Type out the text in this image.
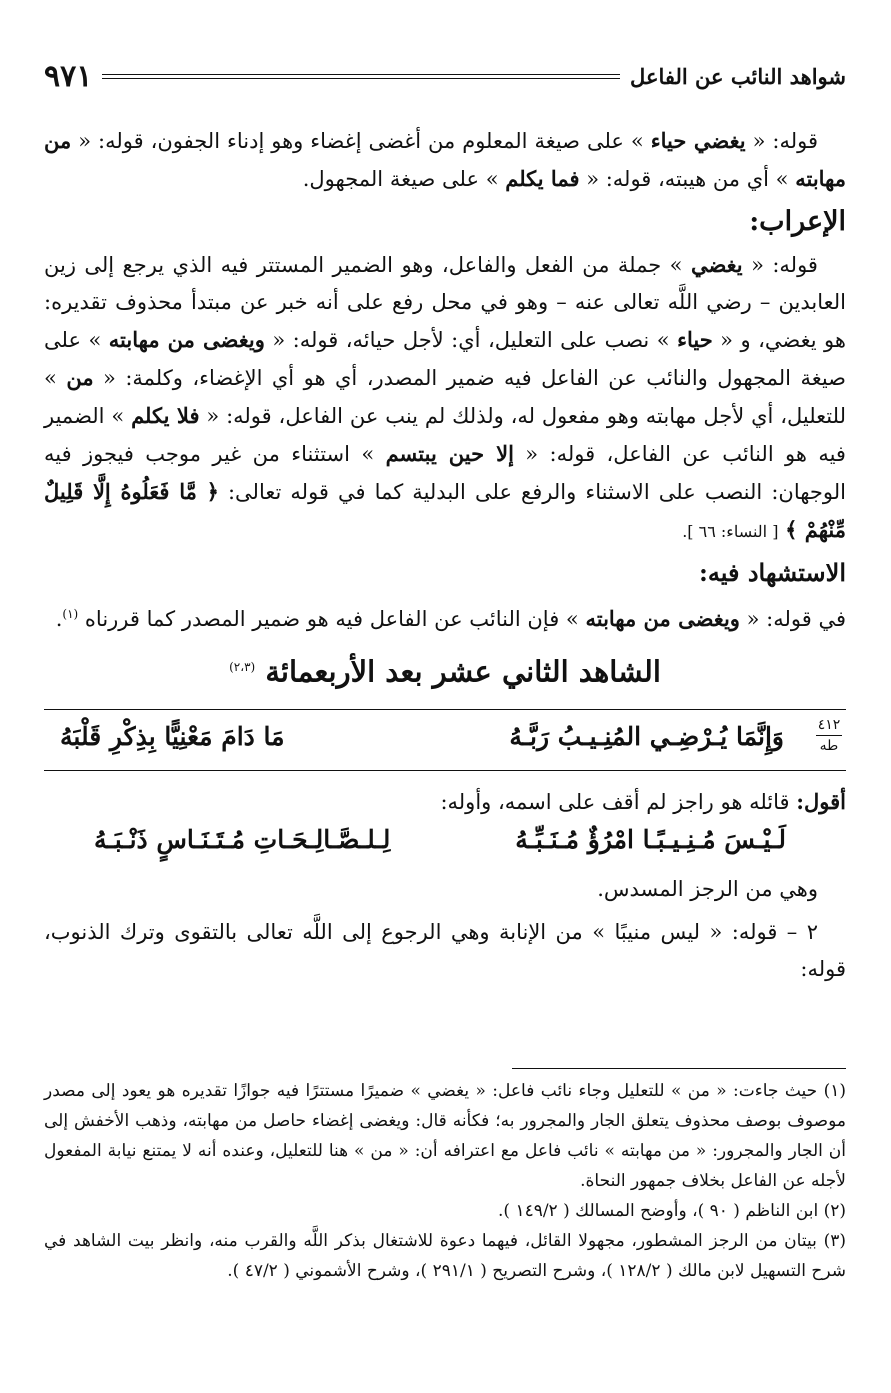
شواهد النائب عن الفاعل
٩٧١

قوله: « يغضي حياء » على صيغة المعلوم من أغضى إغضاء وهو إدناء الجفون، قوله: « من مهابته » أي من هيبته، قوله: « فما يكلم » على صيغة المجهول.

الإعراب:

قوله: « يغضي » جملة من الفعل والفاعل، وهو الضمير المستتر فيه الذي يرجع إلى زين العابدين – رضي اللَّه تعالى عنه – وهو في محل رفع على أنه خبر عن مبتدأ محذوف تقديره: هو يغضي، و « حياء » نصب على التعليل، أي: لأجل حيائه، قوله: « ويغضى من مهابته » على صيغة المجهول والنائب عن الفاعل فيه ضمير المصدر، أي هو أي الإغضاء، وكلمة: « من » للتعليل، أي لأجل مهابته وهو مفعول له، ولذلك لم ينب عن الفاعل، قوله: « فلا يكلم » الضمير فيه هو النائب عن الفاعل، قوله: « إلا حين يبتسم » استثناء من غير موجب فيجوز فيه الوجهان: النصب على الاسثناء والرفع على البدلية كما في قوله تعالى: ﴿ مَّا فَعَلُوهُ إِلَّا قَلِيلٌ مِّنْهُمْ ﴾ [ النساء: ٦٦ ].

الاستشهاد فيه:

في قوله: « ويغضى من مهابته » فإن النائب عن الفاعل فيه هو ضمير المصدر كما قررناه $^{(١)}$.

الشاهد الثاني عشر بعد الأربعمائة $^{(٢،٣)}$
٤١٢
طه
وَإِنَّمَا يُـرْضِـي المُنِـيـبُ رَبَّـهُ
مَا دَامَ مَعْنِيًّا بِذِكْرِ قَلْبَهُ

أقول: قائله هو راجز لم أقف على اسمه، وأوله:

لَـيْـسَ مُـنِـيـبًـا امْرُؤٌ مُـنَـبِّـهُ
لِـلـصَّـالِـحَـاتِ مُـتَـنَـاسٍ ذَنْـبَـهُ

وهي من الرجز المسدس.

٢ – قوله: « ليس منيبًا » من الإنابة وهي الرجوع إلى اللَّه تعالى بالتقوى وترك الذنوب، قوله:

(١) حيث جاءت: « من » للتعليل وجاء نائب فاعل: « يغضي » ضميرًا مستترًا فيه جوازًا تقديره هو يعود إلى مصدر موصوف بوصف محذوف يتعلق الجار والمجرور به؛ فكأنه قال: ويغضى إغضاء حاصل من مهابته، وذهب الأخفش إلى أن الجار والمجرور: « من مهابته » نائب فاعل مع اعترافه أن: « من » هنا للتعليل، وعنده أنه لا يمتنع نيابة المفعول لأجله عن الفاعل بخلاف جمهور النحاة.

(٢) ابن الناظم ( ٩٠ )، وأوضح المسالك ( ١٤٩/٢ ).

(٣) بيتان من الرجز المشطور، مجهولا القائل، فيهما دعوة للاشتغال بذكر اللَّه والقرب منه، وانظر بيت الشاهد في شرح التسهيل لابن مالك ( ١٢٨/٢ )، وشرح التصريح ( ٢٩١/١ )، وشرح الأشموني ( ٤٧/٢ ).
